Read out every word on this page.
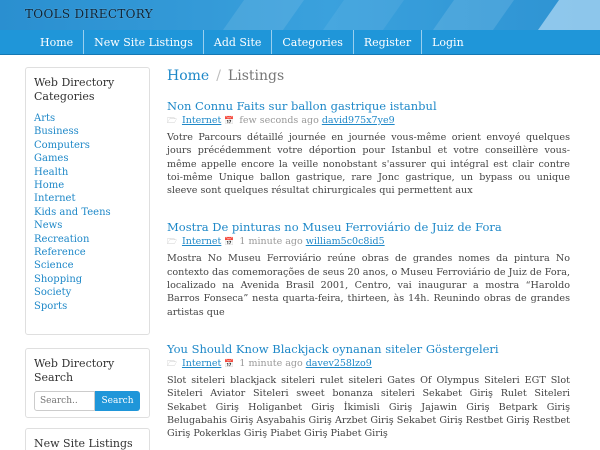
TOOLS DIRECTORY
Home	New Site Listings	Add Site	Categories	Register	Login
Web Directory Categories
Arts
Business
Computers
Games
Health
Home
Internet
Kids and Teens
News
Recreation
Reference
Science
Shopping
Society
Sports
Web Directory Search
Search..
Search
New Site Listings
Home / Listings
Non Connu Faits sur ballon gastrique istanbul
🗁 Internet 📅 few seconds ago david975x7ye9
Votre Parcours détaillé journée en journée vous-même orient envoyé quelques jours précédemment votre déportion pour Istanbul et votre conseillère vous-même appelle encore la veille nonobstant s'assurer qui intégral est clair contre toi-même Unique ballon gastrique, rare Jonc gastrique, un bypass ou unique sleeve sont quelques résultat chirurgicales qui permettent aux
Mostra De pinturas no Museu Ferroviário de Juiz de Fora
🗁 Internet 📅 1 minute ago william5c0c8id5
Mostra No Museu Ferroviário reúne obras de grandes nomes da pintura No contexto das comemorações de seus 20 anos, o Museu Ferroviário de Juiz de Fora, localizado na Avenida Brasil 2001, Centro, vai inaugurar a mostra “Haroldo Barros Fonseca” nesta quarta-feira, thirteen, às 14h. Reunindo obras de grandes artistas que
You Should Know Blackjack oynanan siteler Göstergeleri
🗁 Internet 📅 1 minute ago davev258lzo9
Slot siteleri blackjack siteleri rulet siteleri Gates Of Olympus Siteleri EGT Slot Siteleri Aviator Siteleri sweet bonanza siteleri Sekabet Giriş Rulet Siteleri Sekabet Giriş Holiganbet Giriş İkimisli Giriş Jajawin Giriş Betpark Giriş Belugabahis Giriş Asyabahis Giriş Arzbet Giriş Sekabet Giriş Restbet Giriş Restbet Giriş Pokerklas Giriş Piabet Giriş Piabet Giriş
